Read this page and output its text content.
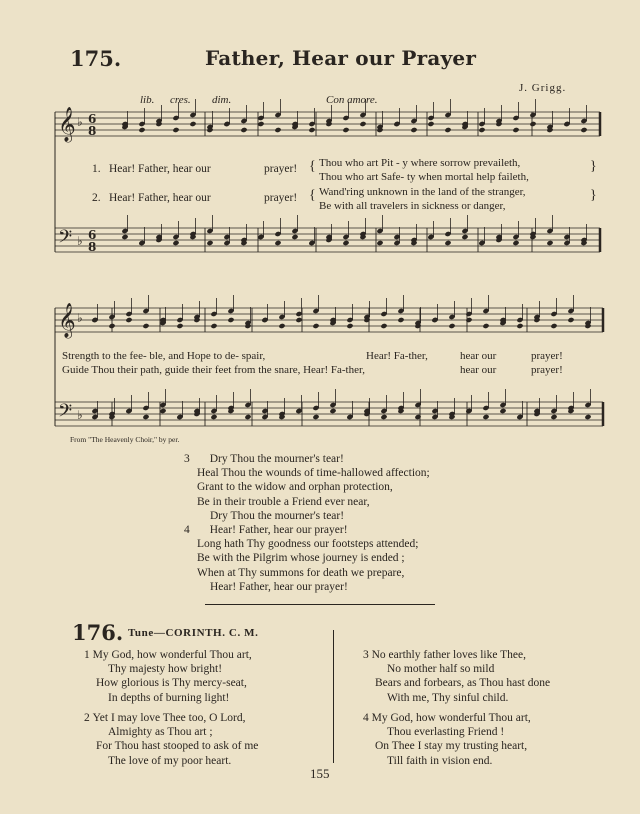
𝄞
𝄢
♭
♭
6
6
8
8
𝄞
𝄢
♭
♭
175.	Father, Hear our Prayer
J. Grigg.
lib. cres. dim.	Con amore.
1. Hear! Father, hear our	prayer! { Thou who art Pit - y where sorrow prevaileth,
Thou who art Safe- ty when mortal help faileth,
}
2. Hear! Father, hear our	prayer! { Wand'ring unknown in the land of the stranger,
Be with all travelers in sickness or danger,
}
Strength to the fee- ble, and Hope to de- spair,	Hear! Fa-ther,	hear our	prayer!
Guide Thou their path, guide their feet from the snare, Hear! Fa-ther,	hear our	prayer!
From "The Heavenly Choir," by per.
3 Dry Thou the mourner's tear!
Heal Thou the wounds of time-hallowed affection;
Grant to the widow and orphan protection,
Be in their trouble a Friend ever near,
Dry Thou the mourner's tear!
4 Hear! Father, hear our prayer!
Long hath Thy goodness our footsteps attended;
Be with the Pilgrim whose journey is ended ;
When at Thy summons for death we prepare,
Hear! Father, hear our prayer!
176. Tune—CORINTH. C. M.
1 My God, how wonderful Thou art,
Thy majesty how bright!
How glorious is Thy mercy-seat,
In depths of burning light!
2 Yet I may love Thee too, O Lord,
Almighty as Thou art ;
For Thou hast stooped to ask of me
The love of my poor heart.
3 No earthly father loves like Thee,
No mother half so mild
Bears and forbears, as Thou hast done
With me, Thy sinful child.
4 My God, how wonderful Thou art,
Thou everlasting Friend !
On Thee I stay my trusting heart,
Till faith in vision end.
155
